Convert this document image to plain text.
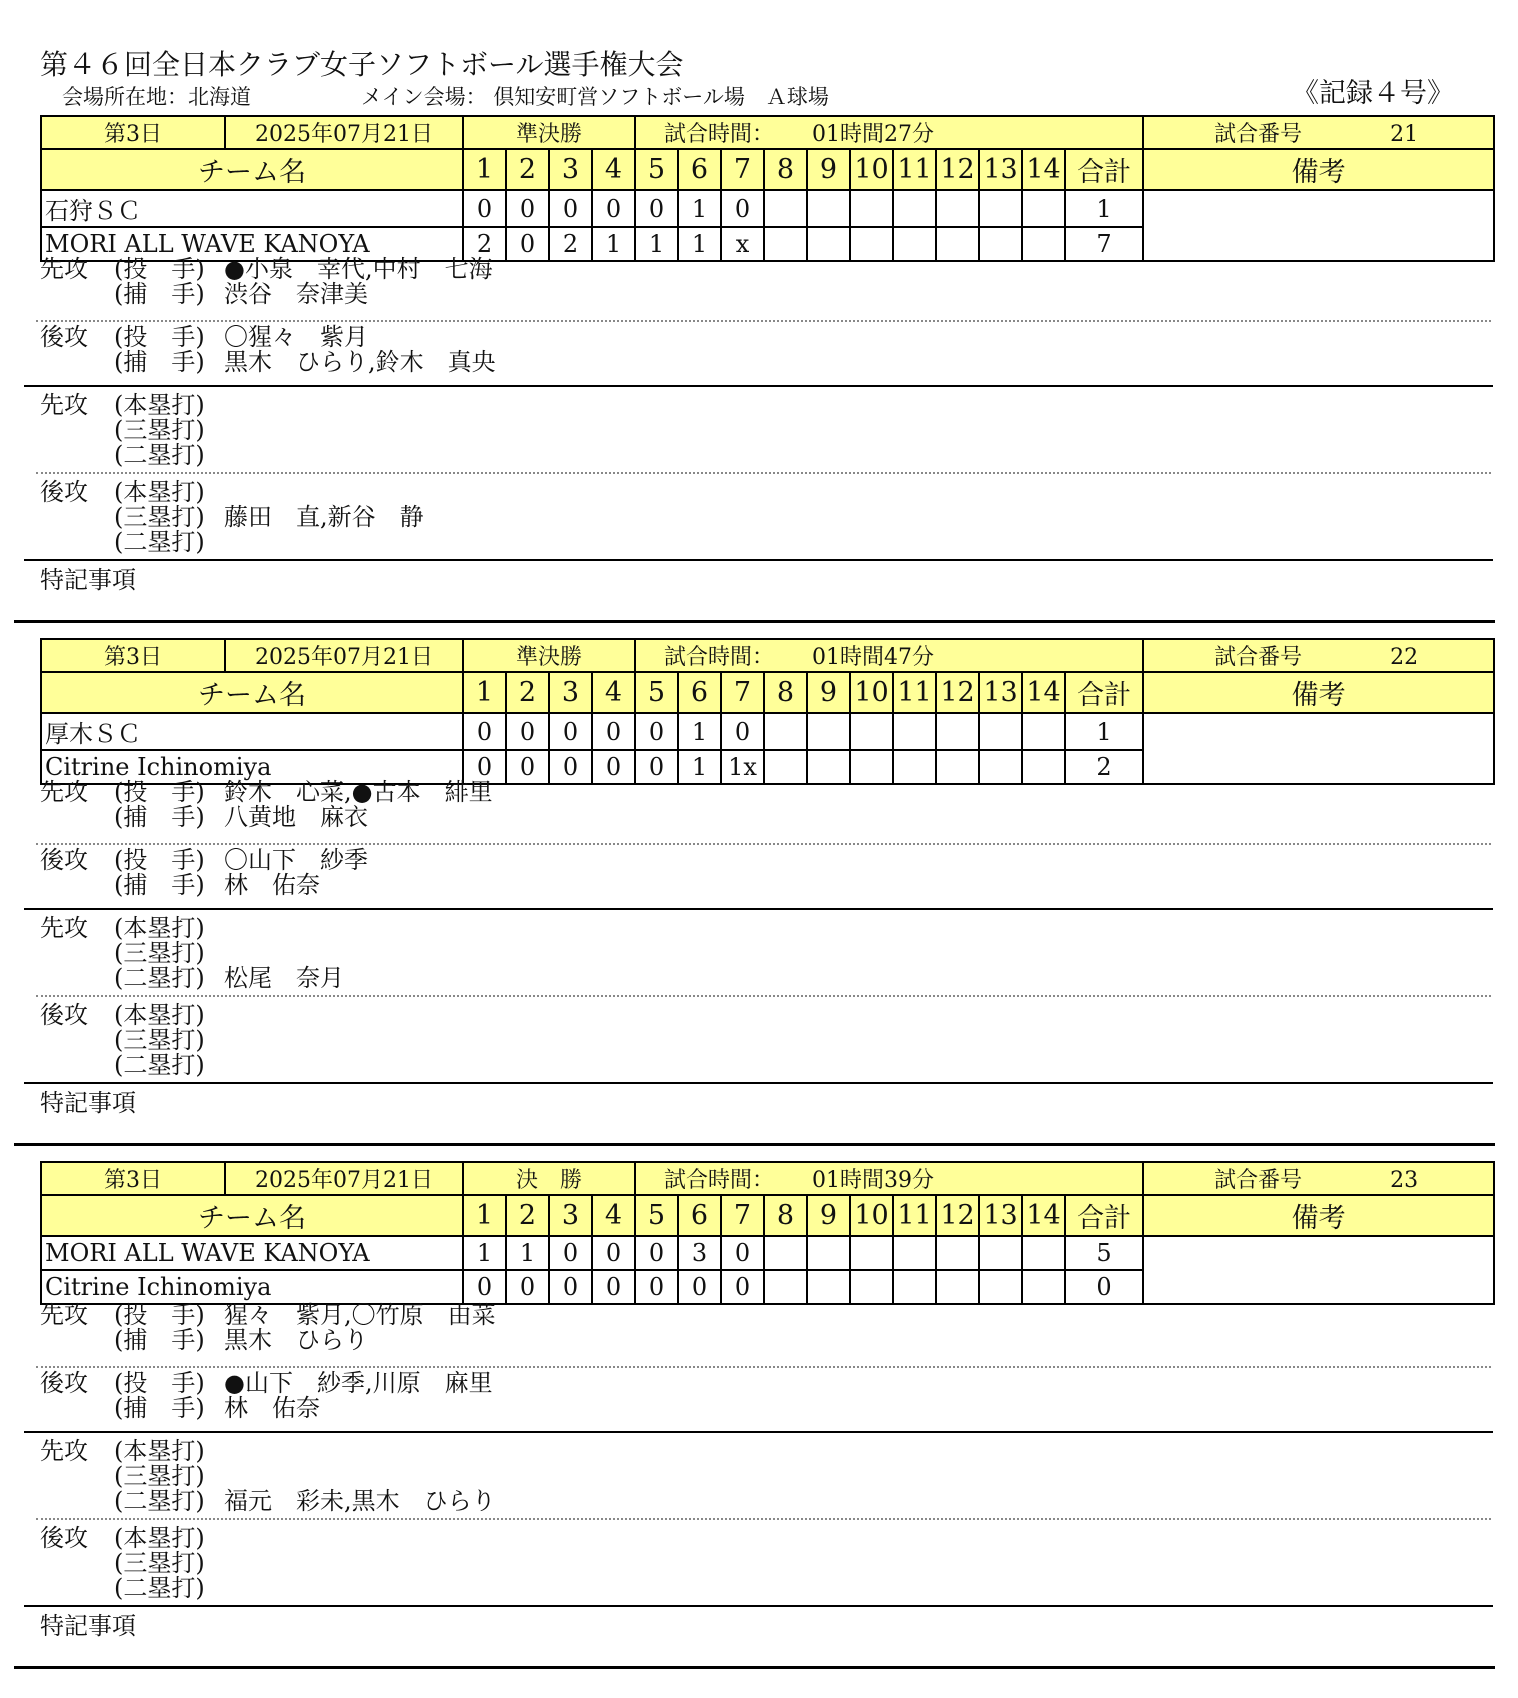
第４６回全日本クラブ女子ソフトボール選手権大会
会場所在地：北海道	メイン会場： 倶知安町営ソフトボール場　Ａ球場	《記録４号》
第3日	2025年07月21日	準決勝				試合時間： 01時間27分											試合番号 21
チーム名		1	2	3	4	5	6	7	8	9	10	11	12	13	14	合計	備考
石狩ＳＣ		0	0	0	0	0	1	0								1	
MORI ALL WAVE KANOYA		2	0	2	1	1	1	x								7	
先攻 (投　手) ●小泉　幸代,中村　七海
(捕　手) 渋谷　奈津美
後攻 (投　手) 〇猩々　紫月
(捕　手) 黒木　ひらり,鈴木　真央
先攻 (本塁打)
(三塁打)
(二塁打)
後攻 (本塁打)
(三塁打) 藤田　直,新谷　静
(二塁打)
特記事項
第3日	2025年07月21日	準決勝				試合時間： 01時間47分											試合番号 22
チーム名		1	2	3	4	5	6	7	8	9	10	11	12	13	14	合計	備考
厚木ＳＣ		0	0	0	0	0	1	0								1	
Citrine Ichinomiya		0	0	0	0	0	1	1x								2	
先攻 (投　手) 鈴木　心菜,●古本　緋里
(捕　手) 八黄地　麻衣
後攻 (投　手) 〇山下　紗季
(捕　手) 林　佑奈
先攻 (本塁打)
(三塁打)
(二塁打) 松尾　奈月
後攻 (本塁打)
(三塁打)
(二塁打)
特記事項
第3日	2025年07月21日	決　勝				試合時間： 01時間39分											試合番号 23
チーム名		1	2	3	4	5	6	7	8	9	10	11	12	13	14	合計	備考
MORI ALL WAVE KANOYA		1	1	0	0	0	3	0								5	
Citrine Ichinomiya		0	0	0	0	0	0	0								0	
先攻 (投　手) 猩々　紫月,〇竹原　由菜
(捕　手) 黒木　ひらり
後攻 (投　手) ●山下　紗季,川原　麻里
(捕　手) 林　佑奈
先攻 (本塁打)
(三塁打)
(二塁打) 福元　彩未,黒木　ひらり
後攻 (本塁打)
(三塁打)
(二塁打)
特記事項
